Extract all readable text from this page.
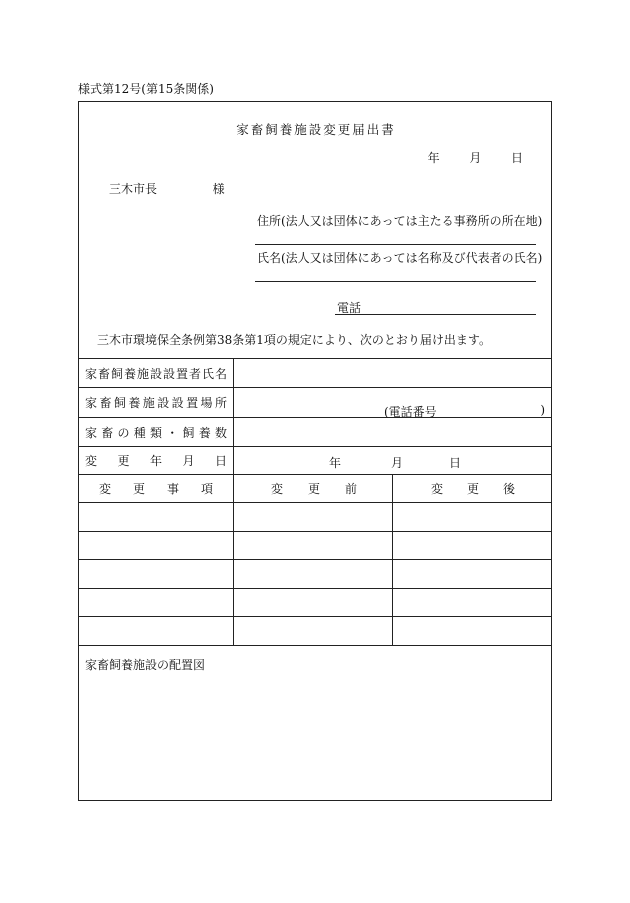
様式第12号(第15条関係)
家畜飼養施設変更届出書
年 月 日
三木市長	様
住所(法人又は団体にあっては主たる事務所の所在地)
氏名(法人又は団体にあっては名称及び代表者の氏名)
電話
三木市環境保全条例第38条第1項の規定により、次のとおり届け出ます。
家畜飼養施設設置者氏名
家畜飼養施設設置場所
(電話番号	)
家畜の種類・飼養数
変更年月日	年	月	日
変更事項	変更前	変更後
家畜飼養施設の配置図
